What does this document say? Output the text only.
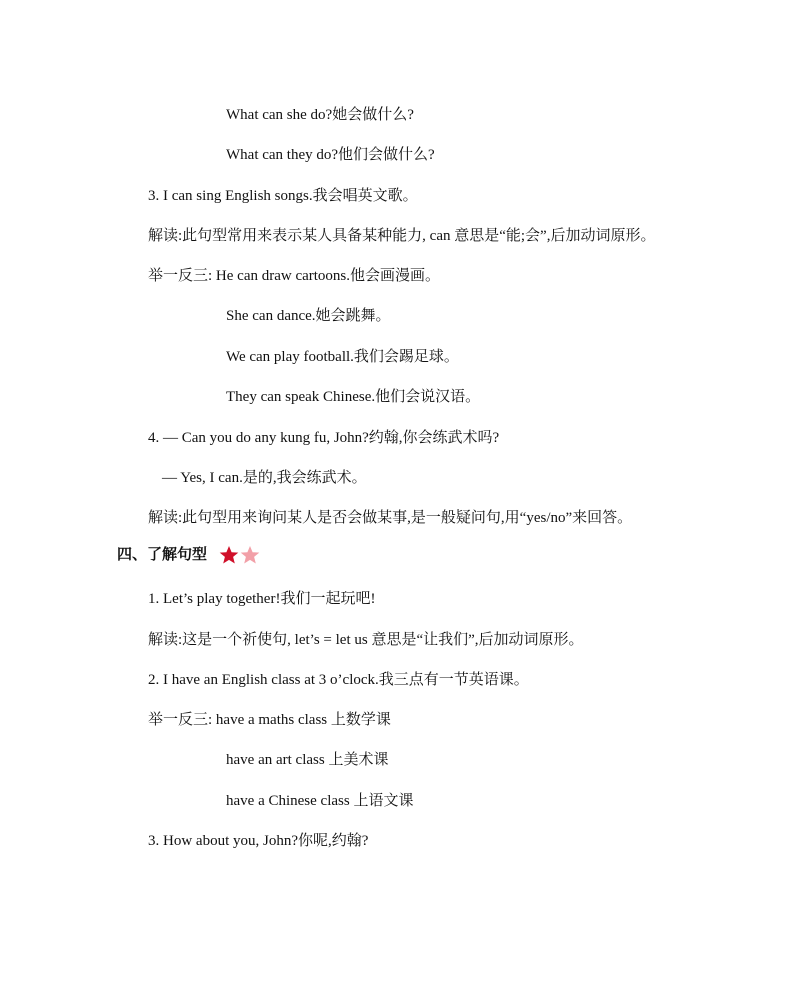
What can she do?她会做什么?
What can they do?他们会做什么?
3. I can sing English songs.我会唱英文歌。
解读:此句型常用来表示某人具备某种能力, can 意思是“能;会”,后加动词原形。
举一反三: He can draw cartoons.他会画漫画。
She can dance.她会跳舞。
We can play football.我们会踢足球。
They can speak Chinese.他们会说汉语。
4. — Can you do any kung fu, John?约翰,你会练武术吗?
— Yes, I can.是的,我会练武术。
解读:此句型用来询问某人是否会做某事,是一般疑问句,用“yes/no”来回答。
四、了解句型
1. Let’s play together!我们一起玩吧!
解读:这是一个祈使句, let’s = let us 意思是“让我们”,后加动词原形。
2. I have an English class at 3 o’clock.我三点有一节英语课。
举一反三: have a maths class 上数学课
have an art class 上美术课
have a Chinese class 上语文课
3. How about you, John?你呢,约翰?
